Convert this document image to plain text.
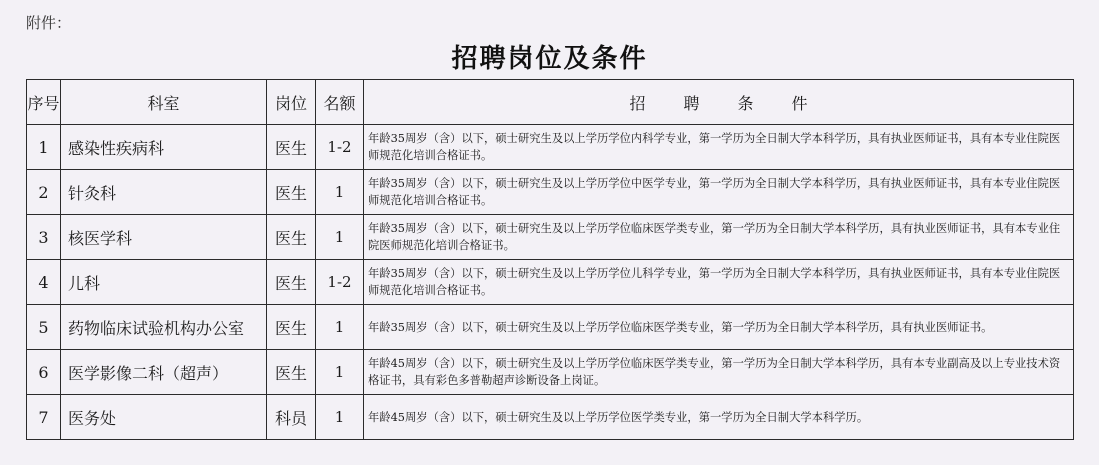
附件：
招聘岗位及条件
序号	科室	岗位	名额	招聘条件
1	感染性疾病科	医生	1-2	年龄35周岁（含）以下，硕士研究生及以上学历学位内科学专业，第一学历为全日制大学本科学历，具有执业医师证书，具有本专业住院医师规范化培训合格证书。
2	针灸科	医生	1	年龄35周岁（含）以下，硕士研究生及以上学历学位中医学专业，第一学历为全日制大学本科学历，具有执业医师证书，具有本专业住院医师规范化培训合格证书。
3	核医学科	医生	1	年龄35周岁（含）以下，硕士研究生及以上学历学位临床医学类专业，第一学历为全日制大学本科学历，具有执业医师证书，具有本专业住院医师规范化培训合格证书。
4	儿科	医生	1-2	年龄35周岁（含）以下，硕士研究生及以上学历学位儿科学专业，第一学历为全日制大学本科学历，具有执业医师证书，具有本专业住院医师规范化培训合格证书。
5	药物临床试验机构办公室	医生	1	年龄35周岁（含）以下，硕士研究生及以上学历学位临床医学类专业，第一学历为全日制大学本科学历，具有执业医师证书。
6	医学影像二科（超声）	医生	1	年龄45周岁（含）以下，硕士研究生及以上学历学位临床医学类专业，第一学历为全日制大学本科学历，具有本专业副高及以上专业技术资格证书，具有彩色多普勒超声诊断设备上岗证。
7	医务处	科员	1	年龄45周岁（含）以下，硕士研究生及以上学历学位医学类专业，第一学历为全日制大学本科学历。
